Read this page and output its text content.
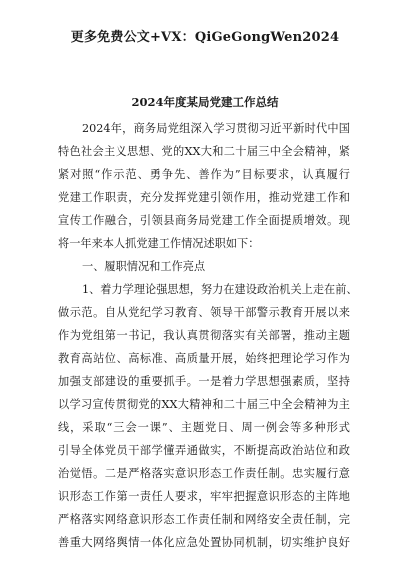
更多免费公文+VX：QiGeGongWen2024
2024年度某局党建工作总结
2024年，商务局党组深入学习贯彻习近平新时代中国
特色社会主义思想、党的XX大和二十届三中全会精神，紧
紧对照“作示范、勇争先、善作为”目标要求，认真履行
党建工作职责，充分发挥党建引领作用，推动党建工作和
宣传工作融合，引领县商务局党建工作全面提质增效。现
将一年来本人抓党建工作情况述职如下：
一、履职情况和工作亮点
1、着力学理论强思想，努力在建设政治机关上走在前、
做示范。自从党纪学习教育、领导干部警示教育开展以来
作为党组第一书记，我认真贯彻落实有关部署，推动主题
教育高站位、高标准、高质量开展，始终把理论学习作为
加强支部建设的重要抓手。一是着力学思想强素质，坚持
以学习宣传贯彻党的XX大精神和二十届三中全会精神为主
线，采取“三会一课”、主题党日、周一例会等多种形式
引导全体党员干部学懂弄通做实，不断提高政治站位和政
治觉悟。二是严格落实意识形态工作责任制。忠实履行意
识形态工作第一责任人要求，牢牢把握意识形态的主阵地
严格落实网络意识形态工作责任制和网络安全责任制，完
善重大网络舆情一体化应急处置协同机制，切实维护良好
